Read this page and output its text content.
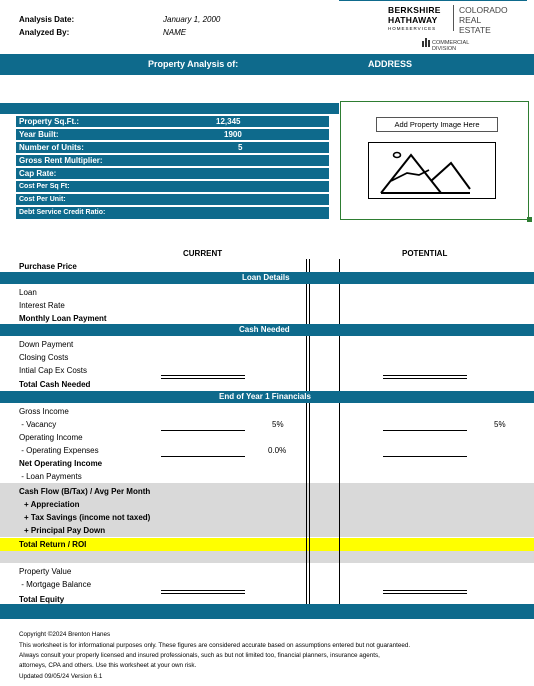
Analysis Date:	January 1, 2000
Analyzed By:	NAME
BERKSHIRE
HATHAWAY
HOMESERVICES
COLORADO
REAL ESTATE
COMMERCIAL DIVISION
Property Analysis of:	ADDRESS
Property Sq.Ft.:	12,345
Year Built:	1900
Number of Units:	5
Gross Rent Multiplier:
Cap Rate:
Cost Per Sq Ft:
Cost Per Unit:
Debt Service Credit Ratio:
Add Property Image Here
CURRENT	POTENTIAL
Purchase Price
Loan Details
Loan
Interest Rate
Monthly Loan Payment
Cash Needed
Down Payment
Closing Costs
Intial Cap Ex Costs
Total Cash Needed
End of Year 1 Financials
Gross Income
- Vacancy	5%	5%
Operating Income
- Operating Expenses	0.0%
Net Operating Income
- Loan Payments
Cash Flow (B/Tax) / Avg Per Month
+ Appreciation
+ Tax Savings (income not taxed)
+ Principal Pay Down
Total Return / ROI
Property Value
- Mortgage Balance
Total Equity
Copyright ©2024 Brenton Hanes
This worksheet is for informational purposes only. These figures are considered accurate based on assumptions entered but not guaranteed.
Always consult your properly licensed and insured professionals, such as but not limited too, financial planners, insurance agents,
attorneys, CPA and others. Use this worksheet at your own risk.
Updated 09/05/24 Version 6.1
